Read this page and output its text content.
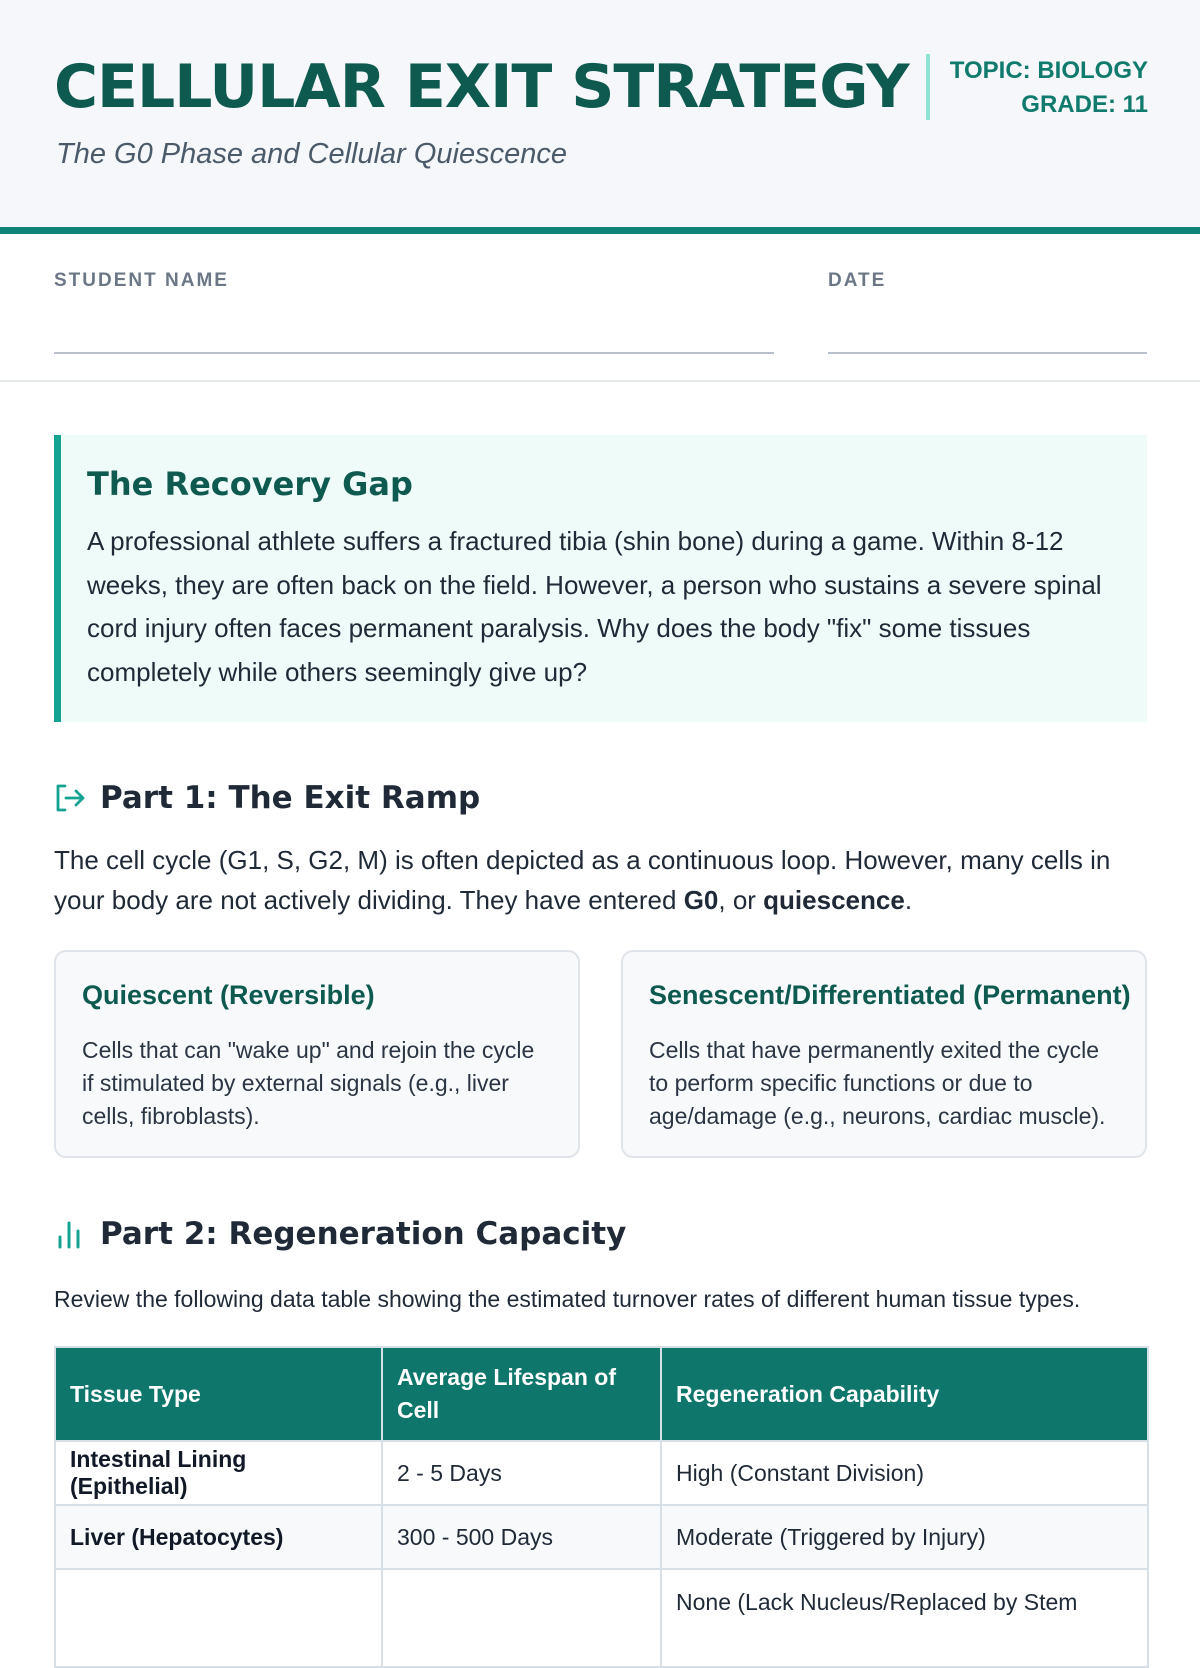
CELLULAR EXIT STRATEGY
The G0 Phase and Cellular Quiescence
TOPIC: BIOLOGY
GRADE: 11
STUDENT NAME	DATE
The Recovery Gap

A professional athlete suffers a fractured tibia (shin bone) during a game. Within 8-12 weeks, they are often back on the field. However, a person who sustains a severe spinal cord injury often faces permanent paralysis. Why does the body "fix" some tissues completely while others seemingly give up?

Part 1: The Exit Ramp

The cell cycle (G1, S, G2, M) is often depicted as a continuous loop. However, many cells in your body are not actively dividing. They have entered G0, or quiescence.

Quiescent (Reversible)

Cells that can "wake up" and rejoin the cycle if stimulated by external signals (e.g., liver cells, fibroblasts).

Senescent/Differentiated (Permanent)

Cells that have permanently exited the cycle to perform specific functions or due to age/damage (e.g., neurons, cardiac muscle).

Part 2: Regeneration Capacity

Review the following data table showing the estimated turnover rates of different human tissue types.

Tissue Type	Average Lifespan of Cell	Regeneration Capability
Intestinal Lining (Epithelial)	2 - 5 Days	High (Constant Division)
Liver (Hepatocytes)	300 - 500 Days	Moderate (Triggered by Injury)
		None (Lack Nucleus/Replaced by Stem
